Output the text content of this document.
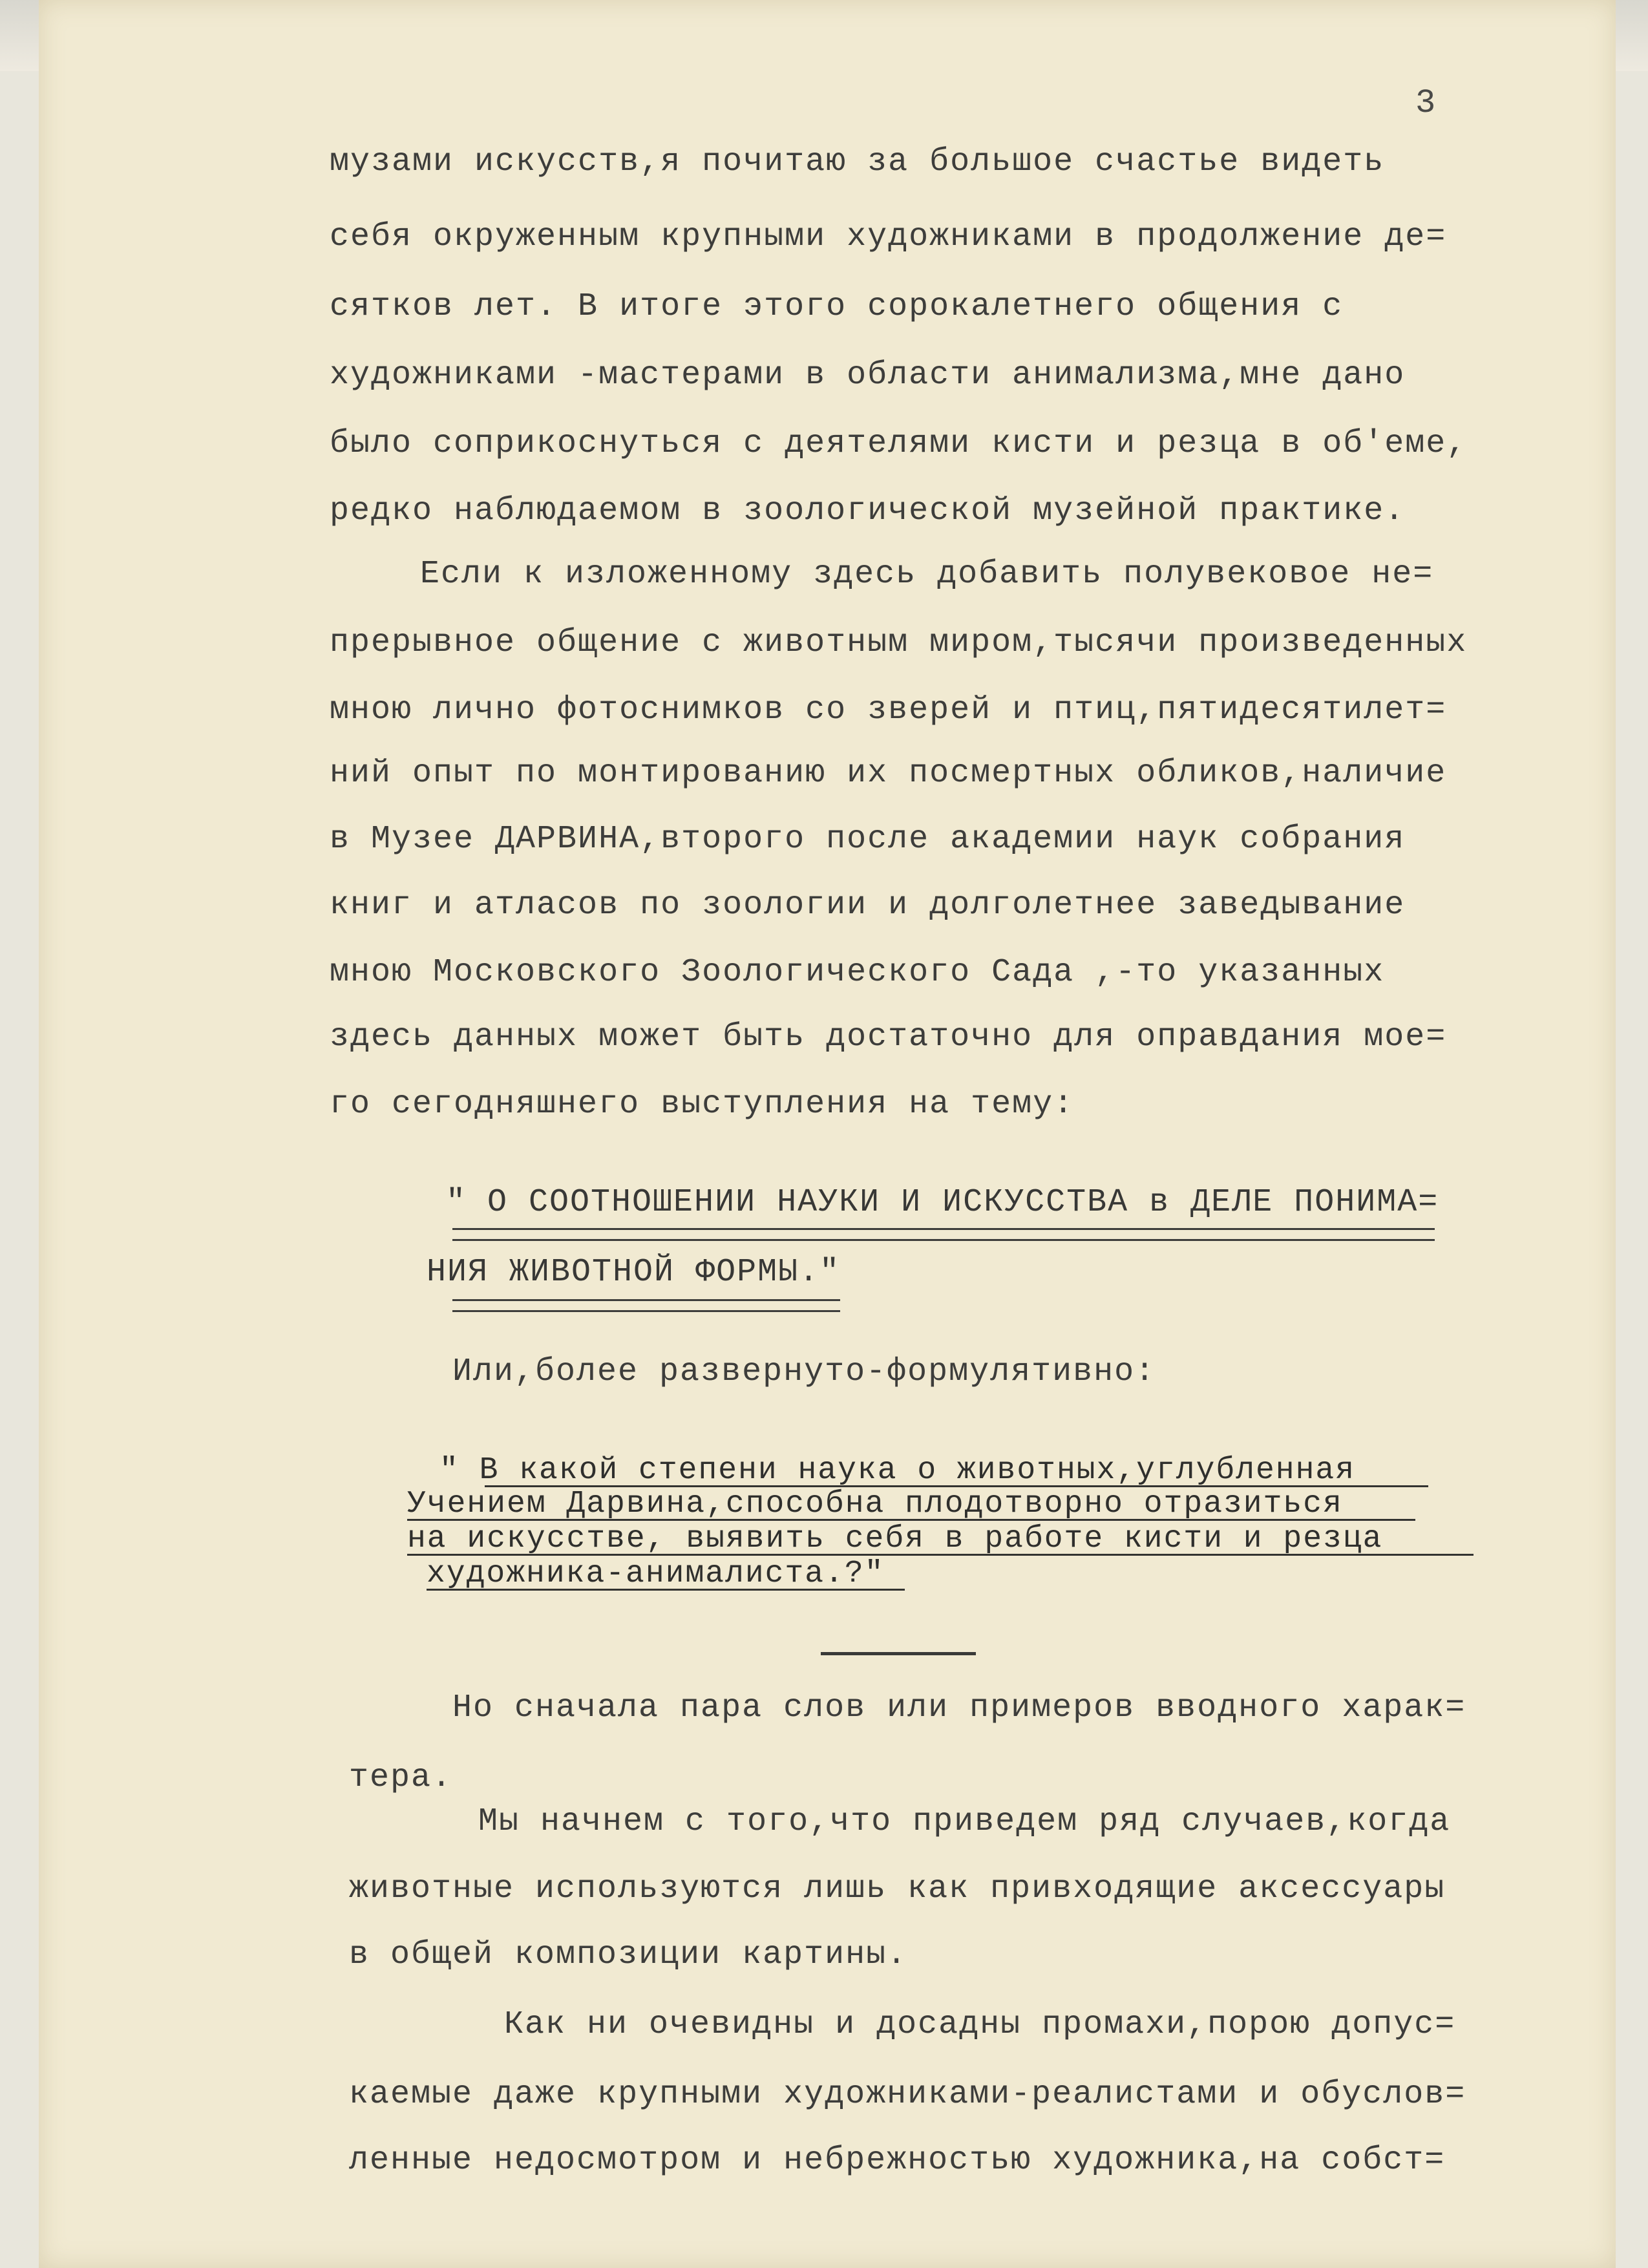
3
музами искусств,я почитаю за большое счастье видеть
себя окруженным крупными художниками в продолжение де=
сятков лет. В итоге этого сорокалетнего общения с
художниками -мастерами в области анимализма,мне дано
было соприкоснуться с деятелями кисти и резца в об'еме,
редко наблюдаемом в зоологической музейной практике.
Если к изложенному здесь добавить полувековое не=
прерывное общение с животным миром,тысячи произведенных
мною лично фотоснимков со зверей и птиц,пятидесятилет=
ний опыт по монтированию их посмертных обликов,наличие
в Музее ДАРВИНА,второго после академии наук собрания
книг и атласов по зоологии и долголетнее заведывание
мною Московского Зоологического Сада ,-то указанных
здесь данных может быть достаточно для оправдания мое=
го сегодняшнего выступления на тему:
" О СООТНОШЕНИИ НАУКИ И ИСКУССТВА в ДЕЛЕ ПОНИМА=
НИЯ ЖИВОТНОЙ ФОРМЫ."
Или,более развернуто-формулятивно:
" В какой степени наука о животных,углубленная
Учением Дарвина,способна плодотворно отразиться
на искусстве, выявить себя в работе кисти и резца
художника-анималиста.?"
Но сначала пара слов или примеров вводного харак=
тера.
Мы начнем с того,что приведем ряд случаев,когда
животные используются лишь как привходящие аксессуары
в общей композиции картины.
Как ни очевидны и досадны промахи,порою допус=
каемые даже крупными художниками-реалистами и обуслов=
ленные недосмотром и небрежностью художника,на собст=
